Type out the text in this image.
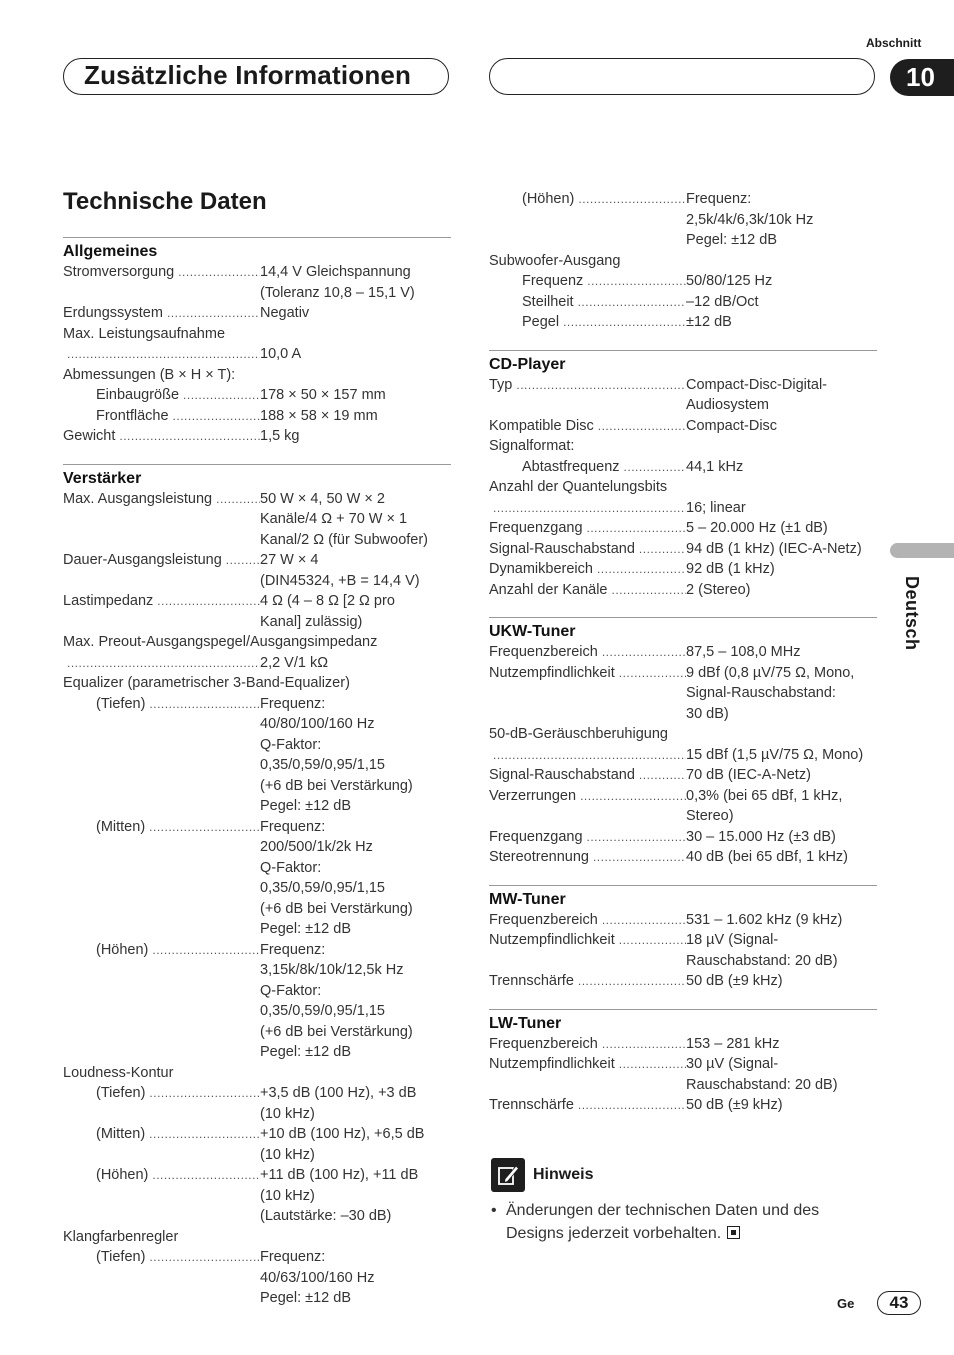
Zusätzliche Informationen
Abschnitt
10
Deutsch
Technische Daten
Allgemeines
Stromversorgung .....	14,4 V Gleichspannung
(Toleranz 10,8 – 15,1 V)
Erdungssystem .....	Negativ
Max. Leistungsaufnahme
.....
10,0 A
Abmessungen (B × H × T):
Einbaugröße .....	178 × 50 × 157 mm
Frontfläche .....	188 × 58 × 19 mm
Gewicht .....	1,5 kg
Verstärker
Max. Ausgangsleistung .....	50 W × 4, 50 W × 2
Kanäle/4 Ω + 70 W × 1
Kanal/2 Ω (für Subwoofer)
Dauer-Ausgangsleistung .....	27 W × 4
(DIN45324, +B = 14,4 V)
Lastimpedanz .....	4 Ω (4 – 8 Ω [2 Ω pro
Kanal] zulässig)
Max. Preout-Ausgangspegel/Ausgangsimpedanz
.....
2,2 V/1 kΩ
Equalizer (parametrischer 3-Band-Equalizer)
(Tiefen) .....	Frequenz:
40/80/100/160 Hz
Q-Faktor:
0,35/0,59/0,95/1,15
(+6 dB bei Verstärkung)
Pegel: ±12 dB
(Mitten) .....	Frequenz:
200/500/1k/2k Hz
Q-Faktor:
0,35/0,59/0,95/1,15
(+6 dB bei Verstärkung)
Pegel: ±12 dB
(Höhen) .....	Frequenz:
3,15k/8k/10k/12,5k Hz
Q-Faktor:
0,35/0,59/0,95/1,15
(+6 dB bei Verstärkung)
Pegel: ±12 dB
Loudness-Kontur
(Tiefen) .....	+3,5 dB (100 Hz), +3 dB
(10 kHz)
(Mitten) .....	+10 dB (100 Hz), +6,5 dB
(10 kHz)
(Höhen) .....	+11 dB (100 Hz), +11 dB
(10 kHz)
(Lautstärke: –30 dB)
Klangfarbenregler
(Tiefen) .....	Frequenz:
40/63/100/160 Hz
Pegel: ±12 dB
(Höhen) .....	Frequenz:
2,5k/4k/6,3k/10k Hz
Pegel: ±12 dB
Subwoofer-Ausgang
Frequenz .....	50/80/125 Hz
Steilheit .....	–12 dB/Oct
Pegel .....	±12 dB
CD-Player
Typ .....	Compact-Disc-Digital-
Audiosystem
Kompatible Disc .....	Compact-Disc
Signalformat:
Abtastfrequenz .....	44,1 kHz
Anzahl der Quantelungsbits
.....
16; linear
Frequenzgang .....	5 – 20.000 Hz (±1 dB)
Signal-Rauschabstand .....	94 dB (1 kHz) (IEC-A-Netz)
Dynamikbereich .....	92 dB (1 kHz)
Anzahl der Kanäle .....	2 (Stereo)
UKW-Tuner
Frequenzbereich .....	87,5 – 108,0 MHz
Nutzempfindlichkeit .....	9 dBf (0,8 µV/75 Ω, Mono,
Signal-Rauschabstand:
30 dB)
50-dB-Geräuschberuhigung
.....
15 dBf (1,5 µV/75 Ω, Mono)
Signal-Rauschabstand .....	70 dB (IEC-A-Netz)
Verzerrungen .....	0,3% (bei 65 dBf, 1 kHz,
Stereo)
Frequenzgang .....	30 – 15.000 Hz (±3 dB)
Stereotrennung .....	40 dB (bei 65 dBf, 1 kHz)
MW-Tuner
Frequenzbereich .....	531 – 1.602 kHz (9 kHz)
Nutzempfindlichkeit .....	18 µV (Signal-
Rauschabstand: 20 dB)
Trennschärfe .....	50 dB (±9 kHz)
LW-Tuner
Frequenzbereich .....	153 – 281 kHz
Nutzempfindlichkeit .....	30 µV (Signal-
Rauschabstand: 20 dB)
Trennschärfe .....	50 dB (±9 kHz)
Hinweis
• Änderungen der technischen Daten und des Designs jederzeit vorbehalten.
Ge	43
